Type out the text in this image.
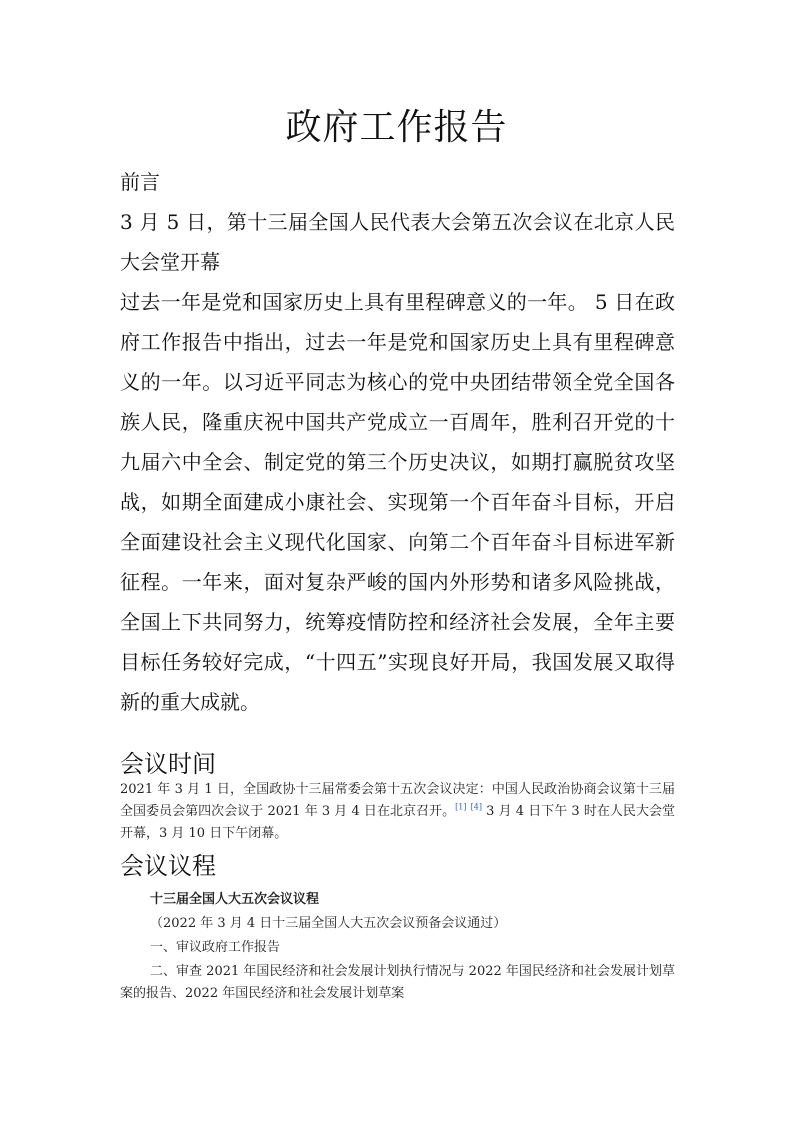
政府工作报告
前言
3 月 5 日，第十三届全国人民代表大会第五次会议在北京人民大会堂开幕
过去一年是党和国家历史上具有里程碑意义的一年。 5 日在政府工作报告中指出，过去一年是党和国家历史上具有里程碑意义的一年。以习近平同志为核心的党中央团结带领全党全国各族人民，隆重庆祝中国共产党成立一百周年，胜利召开党的十九届六中全会、制定党的第三个历史决议，如期打赢脱贫攻坚战，如期全面建成小康社会、实现第一个百年奋斗目标，开启全面建设社会主义现代化国家、向第二个百年奋斗目标进军新征程。一年来，面对复杂严峻的国内外形势和诸多风险挑战，全国上下共同努力，统筹疫情防控和经济社会发展，全年主要目标任务较好完成，“十四五”实现良好开局，我国发展又取得新的重大成就。
会议时间
2021 年 3 月 1 日，全国政协十三届常委会第十五次会议决定：中国人民政治协商会议第十三届全国委员会第四次会议于 2021 年 3 月 4 日在北京召开。[1] [4] 3 月 4 日下午 3 时在人民大会堂开幕，3 月 10 日下午闭幕。
会议议程
十三届全国人大五次会议议程
（2022 年 3 月 4 日十三届全国人大五次会议预备会议通过）
一、审议政府工作报告
二、审查 2021 年国民经济和社会发展计划执行情况与 2022 年国民经济和社会发展计划草案的报告、2022 年国民经济和社会发展计划草案
